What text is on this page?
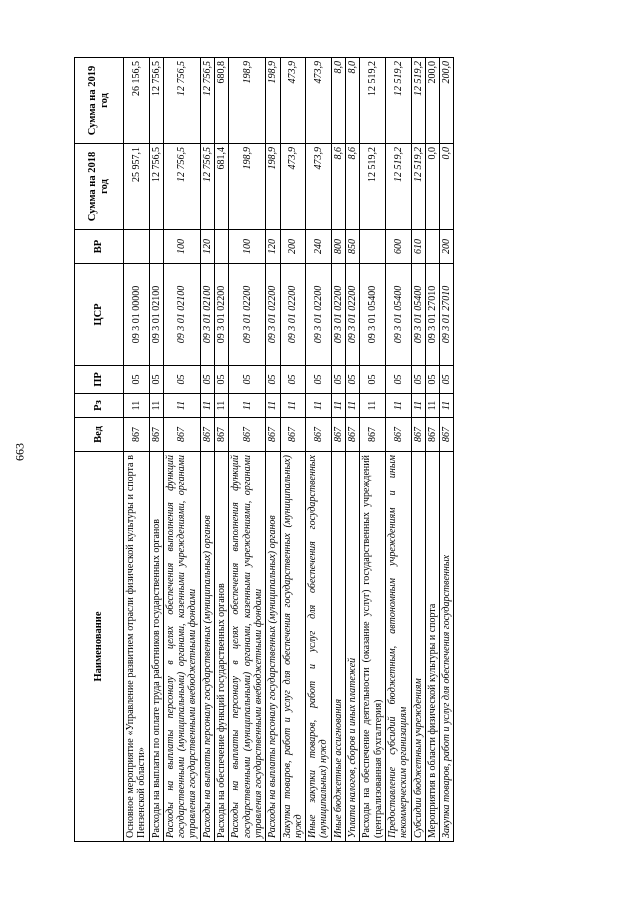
663
Наименование	Вед	Рз	ПР	ЦСР	ВР	Сумма на 2018 год	Сумма на 2019 год
Основное мероприятие «Управление развитием отрасли физической культуры и спорта в Пензенской области»	867	11	05	09 3 01 00000		25 957,1	26 156,5
Расходы на выплаты по оплате труда работников государственных органов	867	11	05	09 3 01 02100		12 756,5	12 756,5
Расходы на выплаты персоналу в целях обеспечения выполнения функций государственными (муниципальными) органами, казенными учреждениями, органами управления государственными внебюджетными фондами	867	11	05	09 3 01 02100	100	12 756,5	12 756,5
Расходы на выплаты персоналу государственных (муниципальных) органов	867	11	05	09 3 01 02100	120	12 756,5	12 756,5
Расходы на обеспечение функций государственных органов	867	11	05	09 3 01 02200		681,4	680,8
Расходы на выплаты персоналу в целях обеспечения выполнения функций государственными (муниципальными) органами, казенными учреждениями, органами управления государственными внебюджетными фондами	867	11	05	09 3 01 02200	100	198,9	198,9
Расходы на выплаты персоналу государственных (муниципальных) органов	867	11	05	09 3 01 02200	120	198,9	198,9
Закупка товаров, работ и услуг для обеспечения государственных (муниципальных) нужд	867	11	05	09 3 01 02200	200	473,9	473,9
Иные закупки товаров, работ и услуг для обеспечения государственных (муниципальных) нужд	867	11	05	09 3 01 02200	240	473,9	473,9
Иные бюджетные ассигнования	867	11	05	09 3 01 02200	800	8,6	8,0
Уплата налогов, сборов и иных платежей	867	11	05	09 3 01 02200	850	8,6	8,0
Расходы на обеспечение деятельности (оказание услуг) государственных учреждений (централизованная бухгалтерия)	867	11	05	09 3 01 05400		12 519,2	12 519,2
Предоставление субсидий бюджетным, автономным учреждениям и иным некоммерческим организациям	867	11	05	09 3 01 05400	600	12 519,2	12 519,2
Субсидии бюджетным учреждениям	867	11	05	09 3 01 05400	610	12 519,2	12 519,2
Мероприятия в области физической культуры и спорта	867	11	05	09 3 01 27010		0,0	200,0
Закупка товаров, работ и услуг для обеспечения государственных	867	11	05	09 3 01 27010	200	0,0	200,0
